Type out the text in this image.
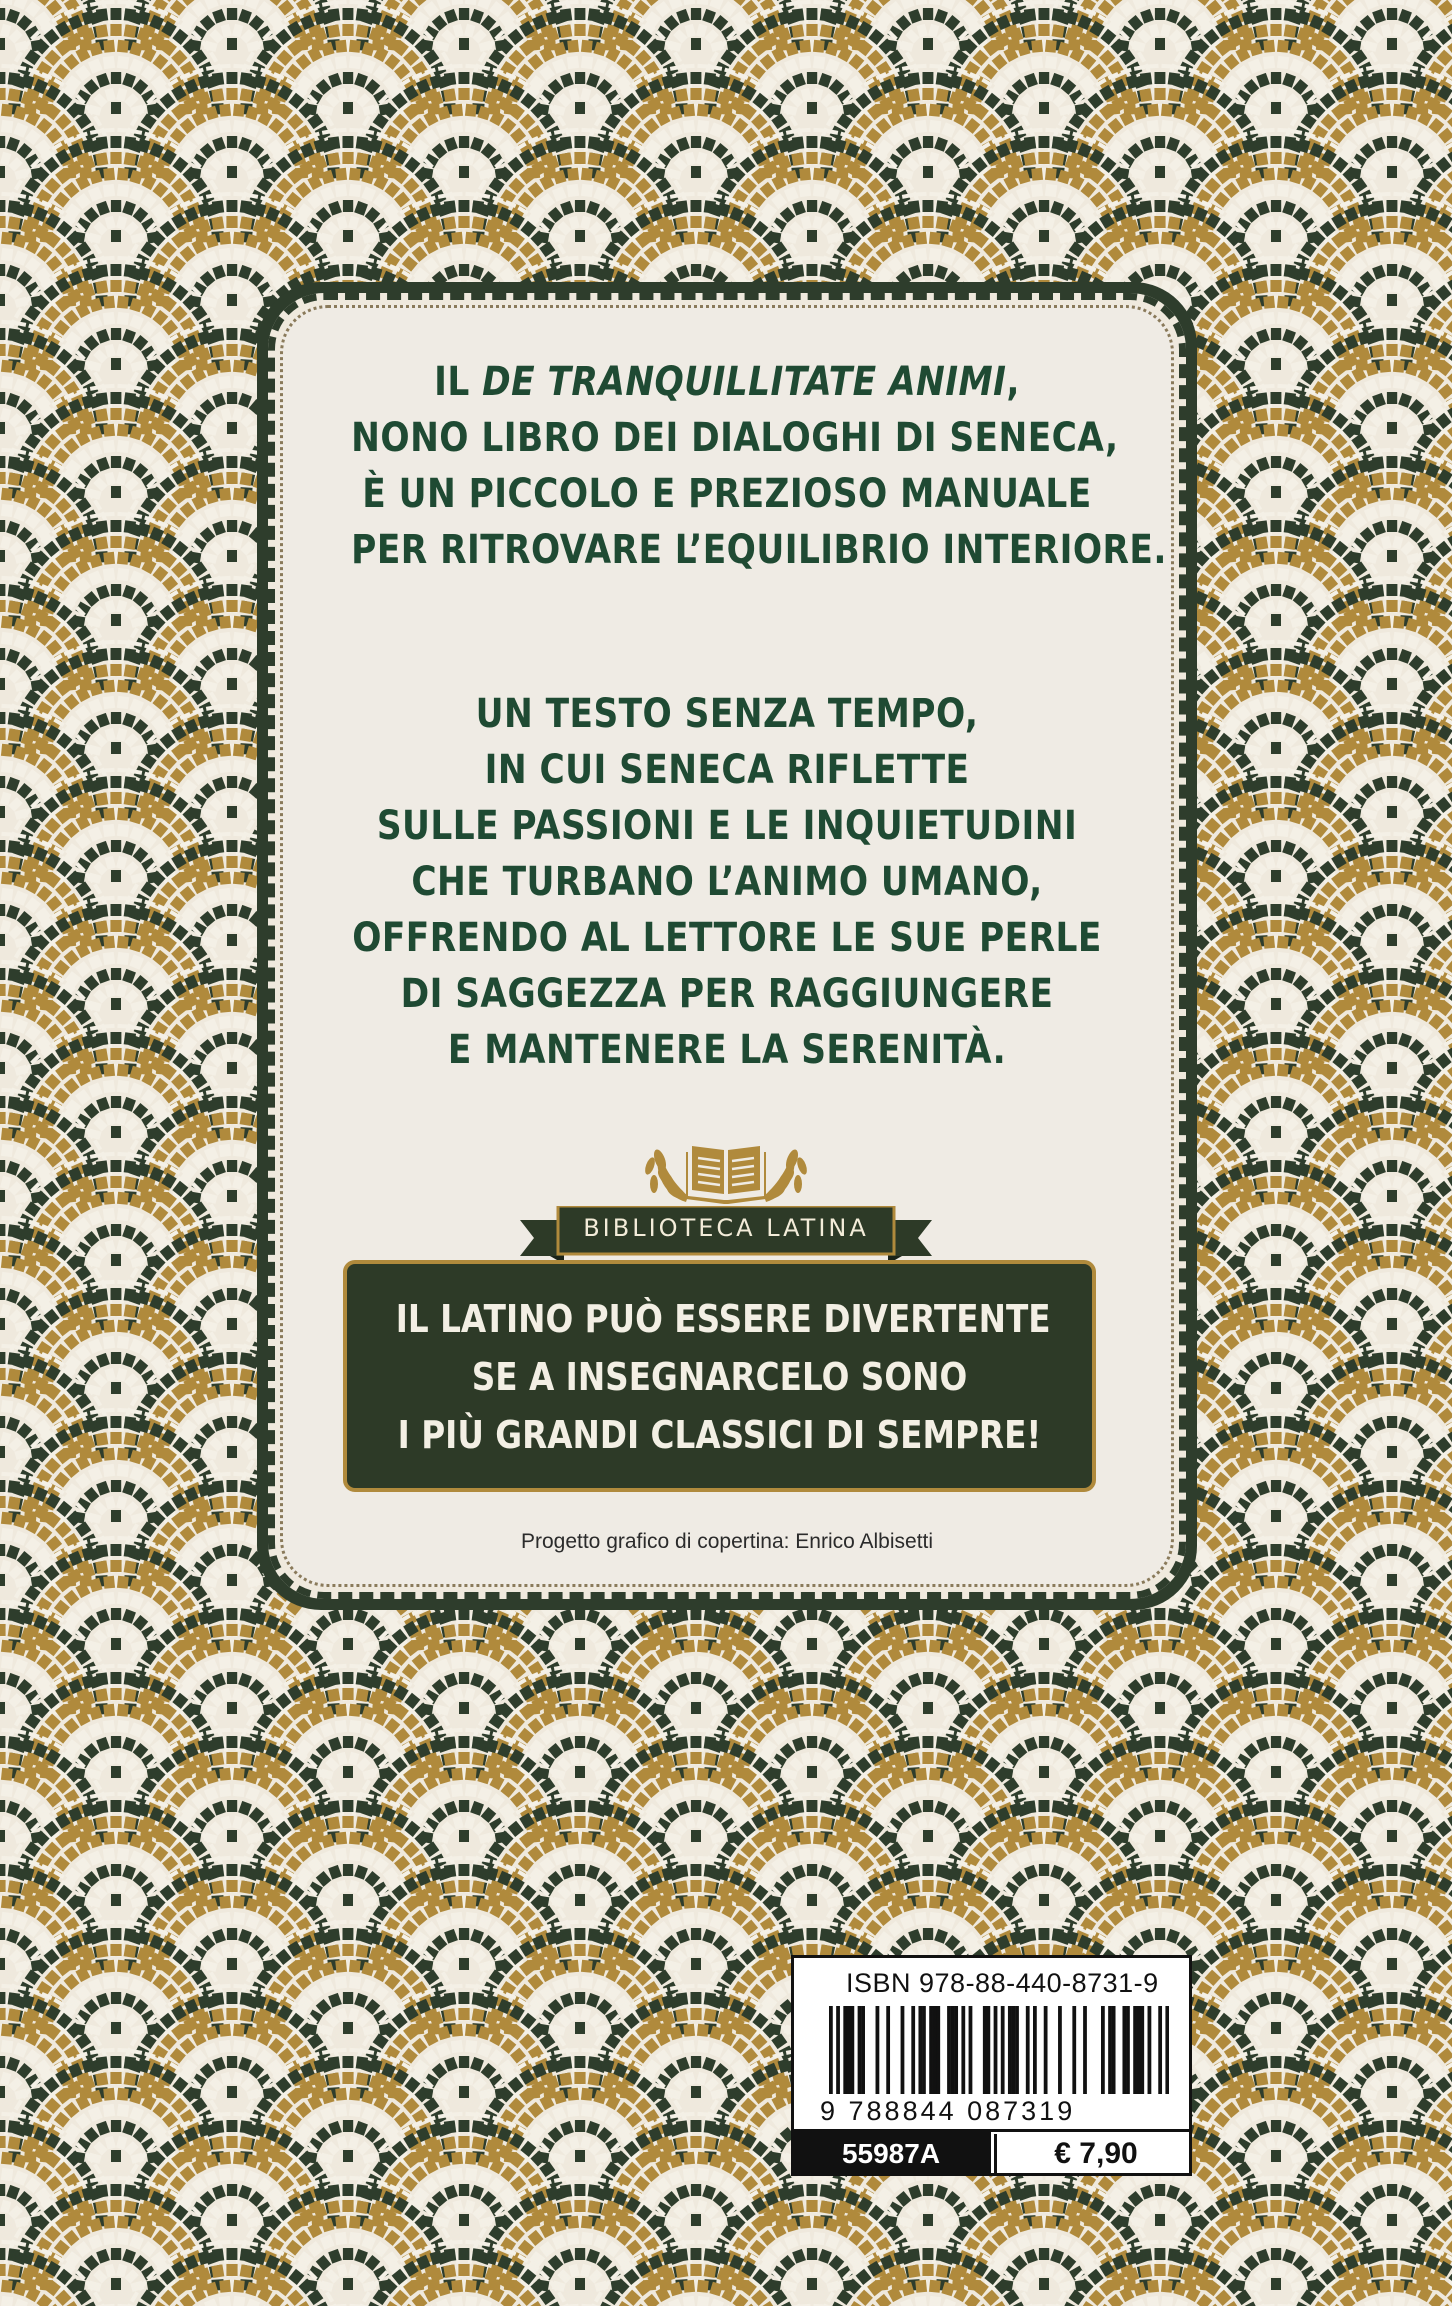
IL DE TRANQUILLITATE ANIMI,
NONO LIBRO DEI DIALOGHI DI SENECA,
È UN PICCOLO E PREZIOSO MANUALE
PER RITROVARE L’EQUILIBRIO INTERIORE.
UN TESTO SENZA TEMPO,
IN CUI SENECA RIFLETTE
SULLE PASSIONI E LE INQUIETUDINI
CHE TURBANO L’ANIMO UMANO,
OFFRENDO AL LETTORE LE SUE PERLE
DI SAGGEZZA PER RAGGIUNGERE
E MANTENERE LA SERENITÀ.
BIBLIOTECA LATINA
IL LATINO PUÒ ESSERE DIVERTENTE
SE A INSEGNARCELO SONO
I PIÙ GRANDI CLASSICI DI SEMPRE!
Progetto grafico di copertina: Enrico Albisetti
ISBN 978-88-440-8731-9
9 788844 087319
55987A	€ 7,90
